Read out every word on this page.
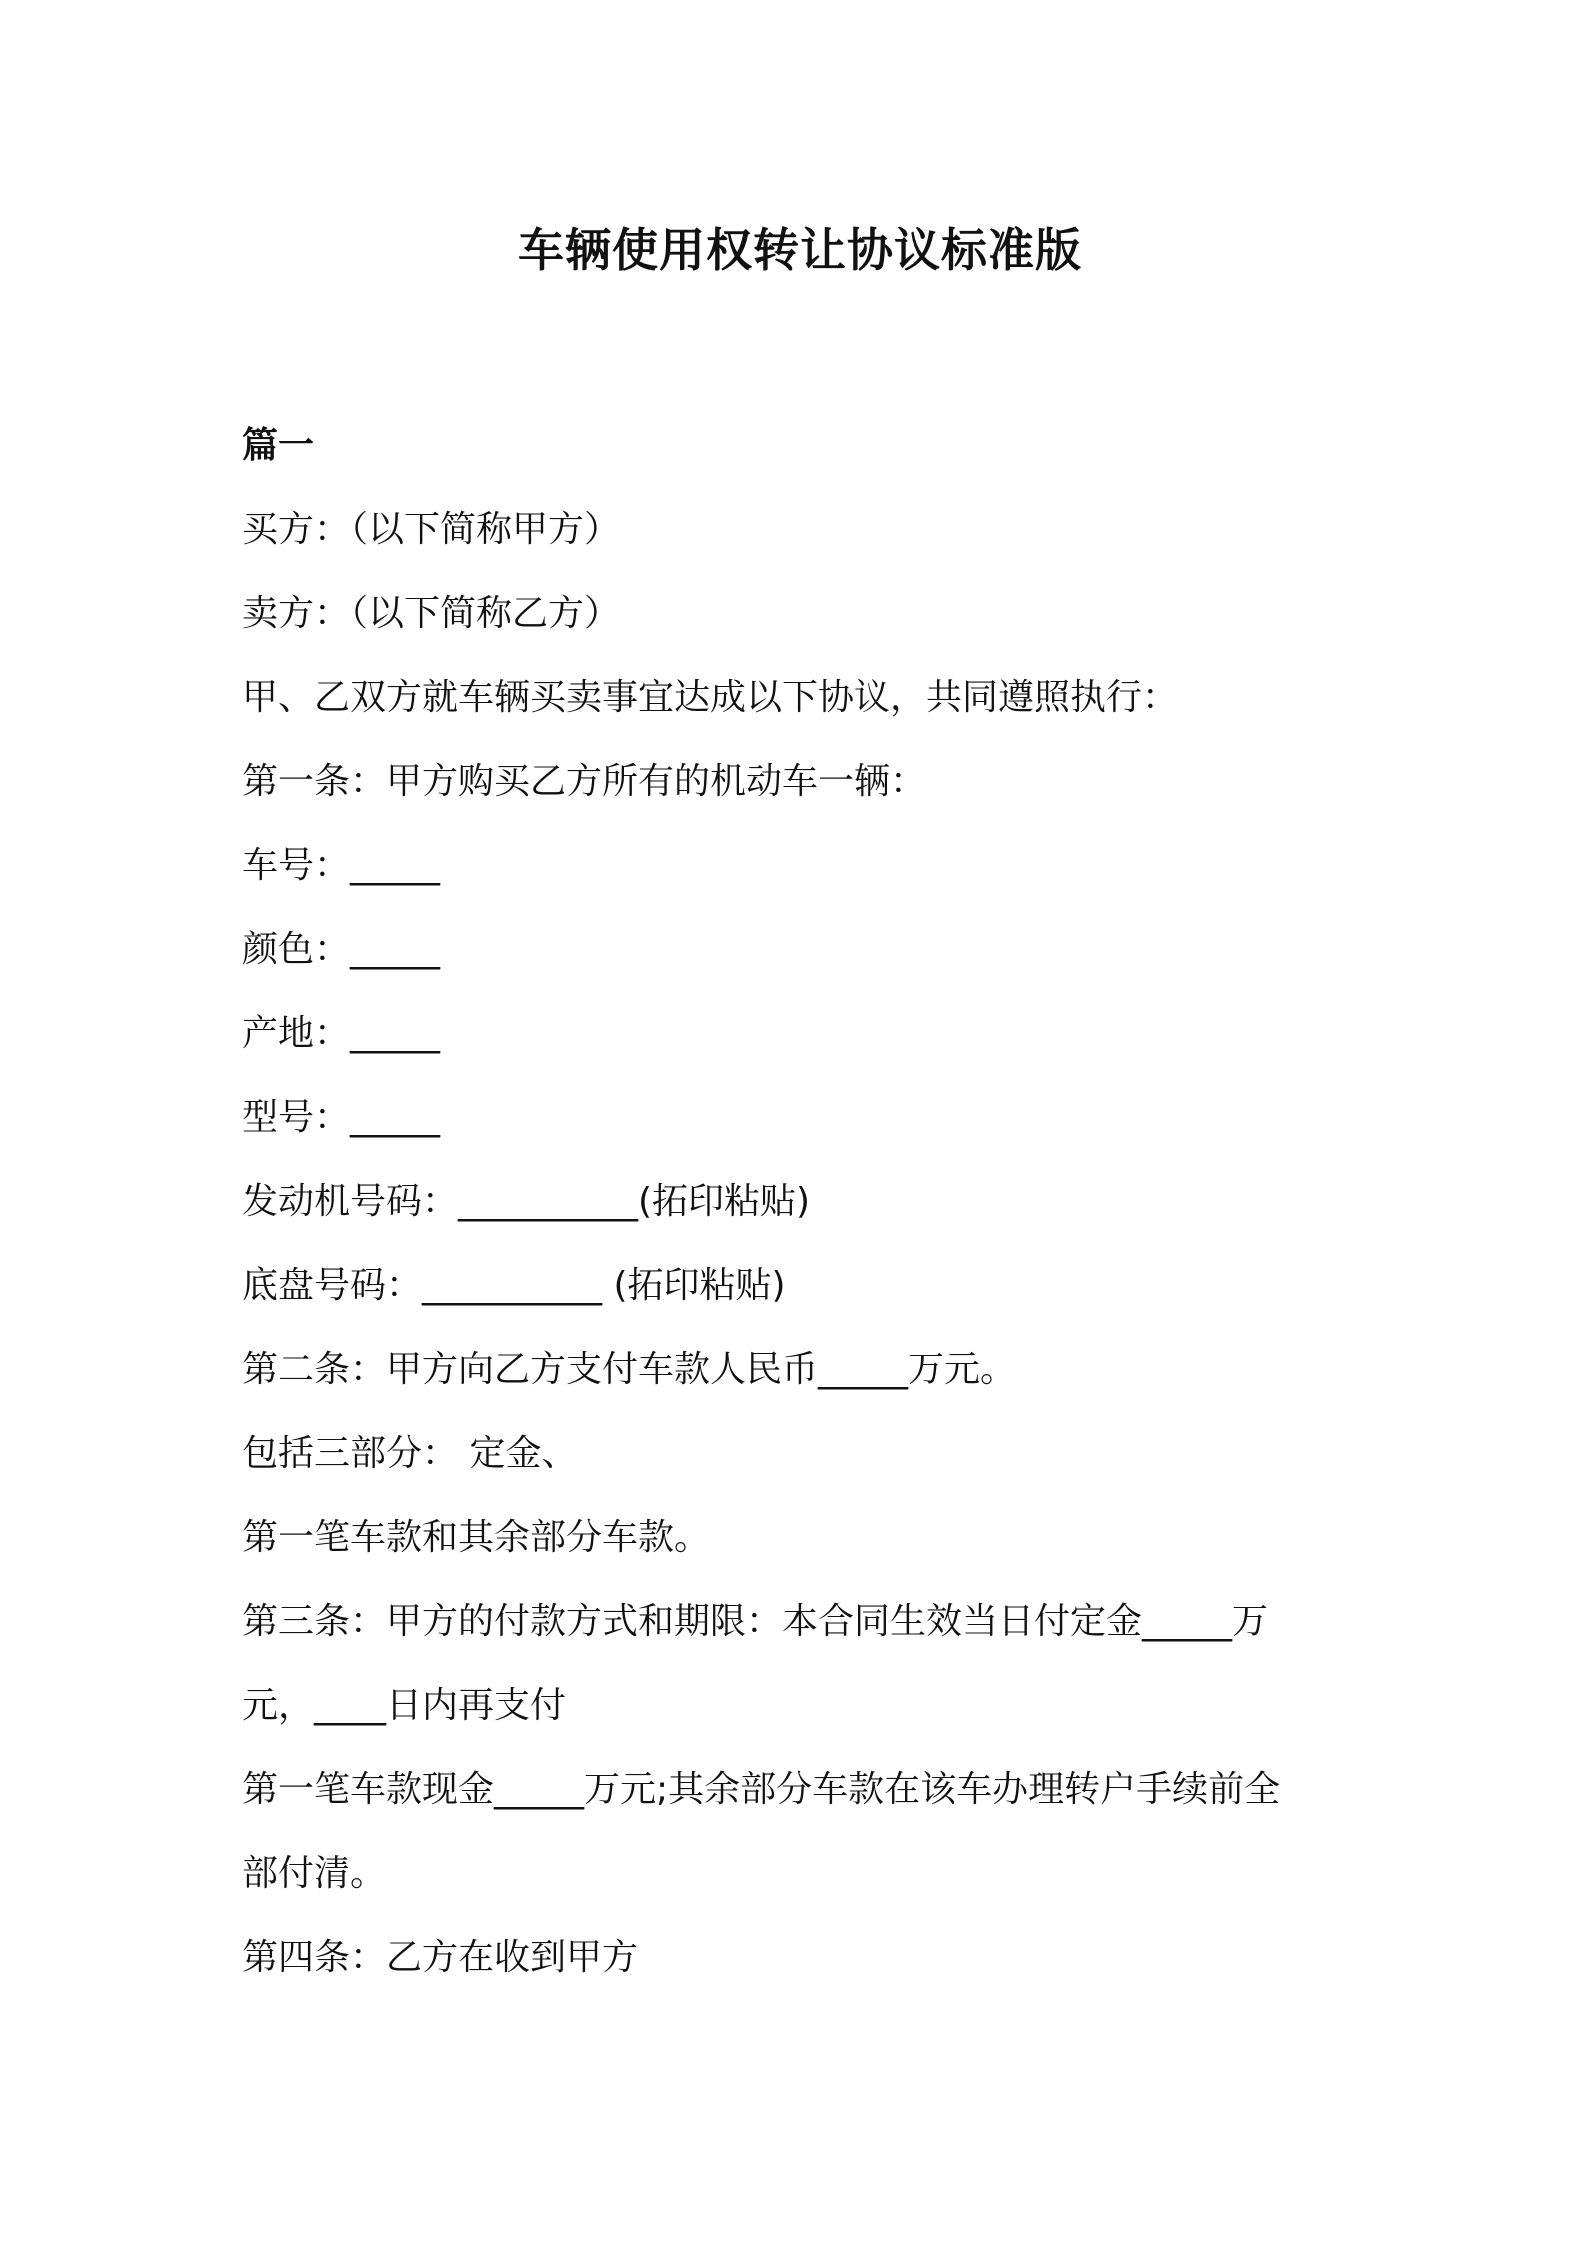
车辆使用权转让协议标准版

篇一

买方：（以下简称甲方）

卖方：（以下简称乙方）

甲、乙双方就车辆买卖事宜达成以下协议，共同遵照执行：

第一条：甲方购买乙方所有的机动车一辆：

车号：_____

颜色：_____

产地：_____

型号：_____

发动机号码：__________(拓印粘贴)

底盘号码：__________ (拓印粘贴)

第二条：甲方向乙方支付车款人民币_____万元。

包括三部分： 定金、

第一笔车款和其余部分车款。

第三条：甲方的付款方式和期限：本合同生效当日付定金_____万

元，____日内再支付

第一笔车款现金_____万元;其余部分车款在该车办理转户手续前全

部付清。

第四条：乙方在收到甲方
